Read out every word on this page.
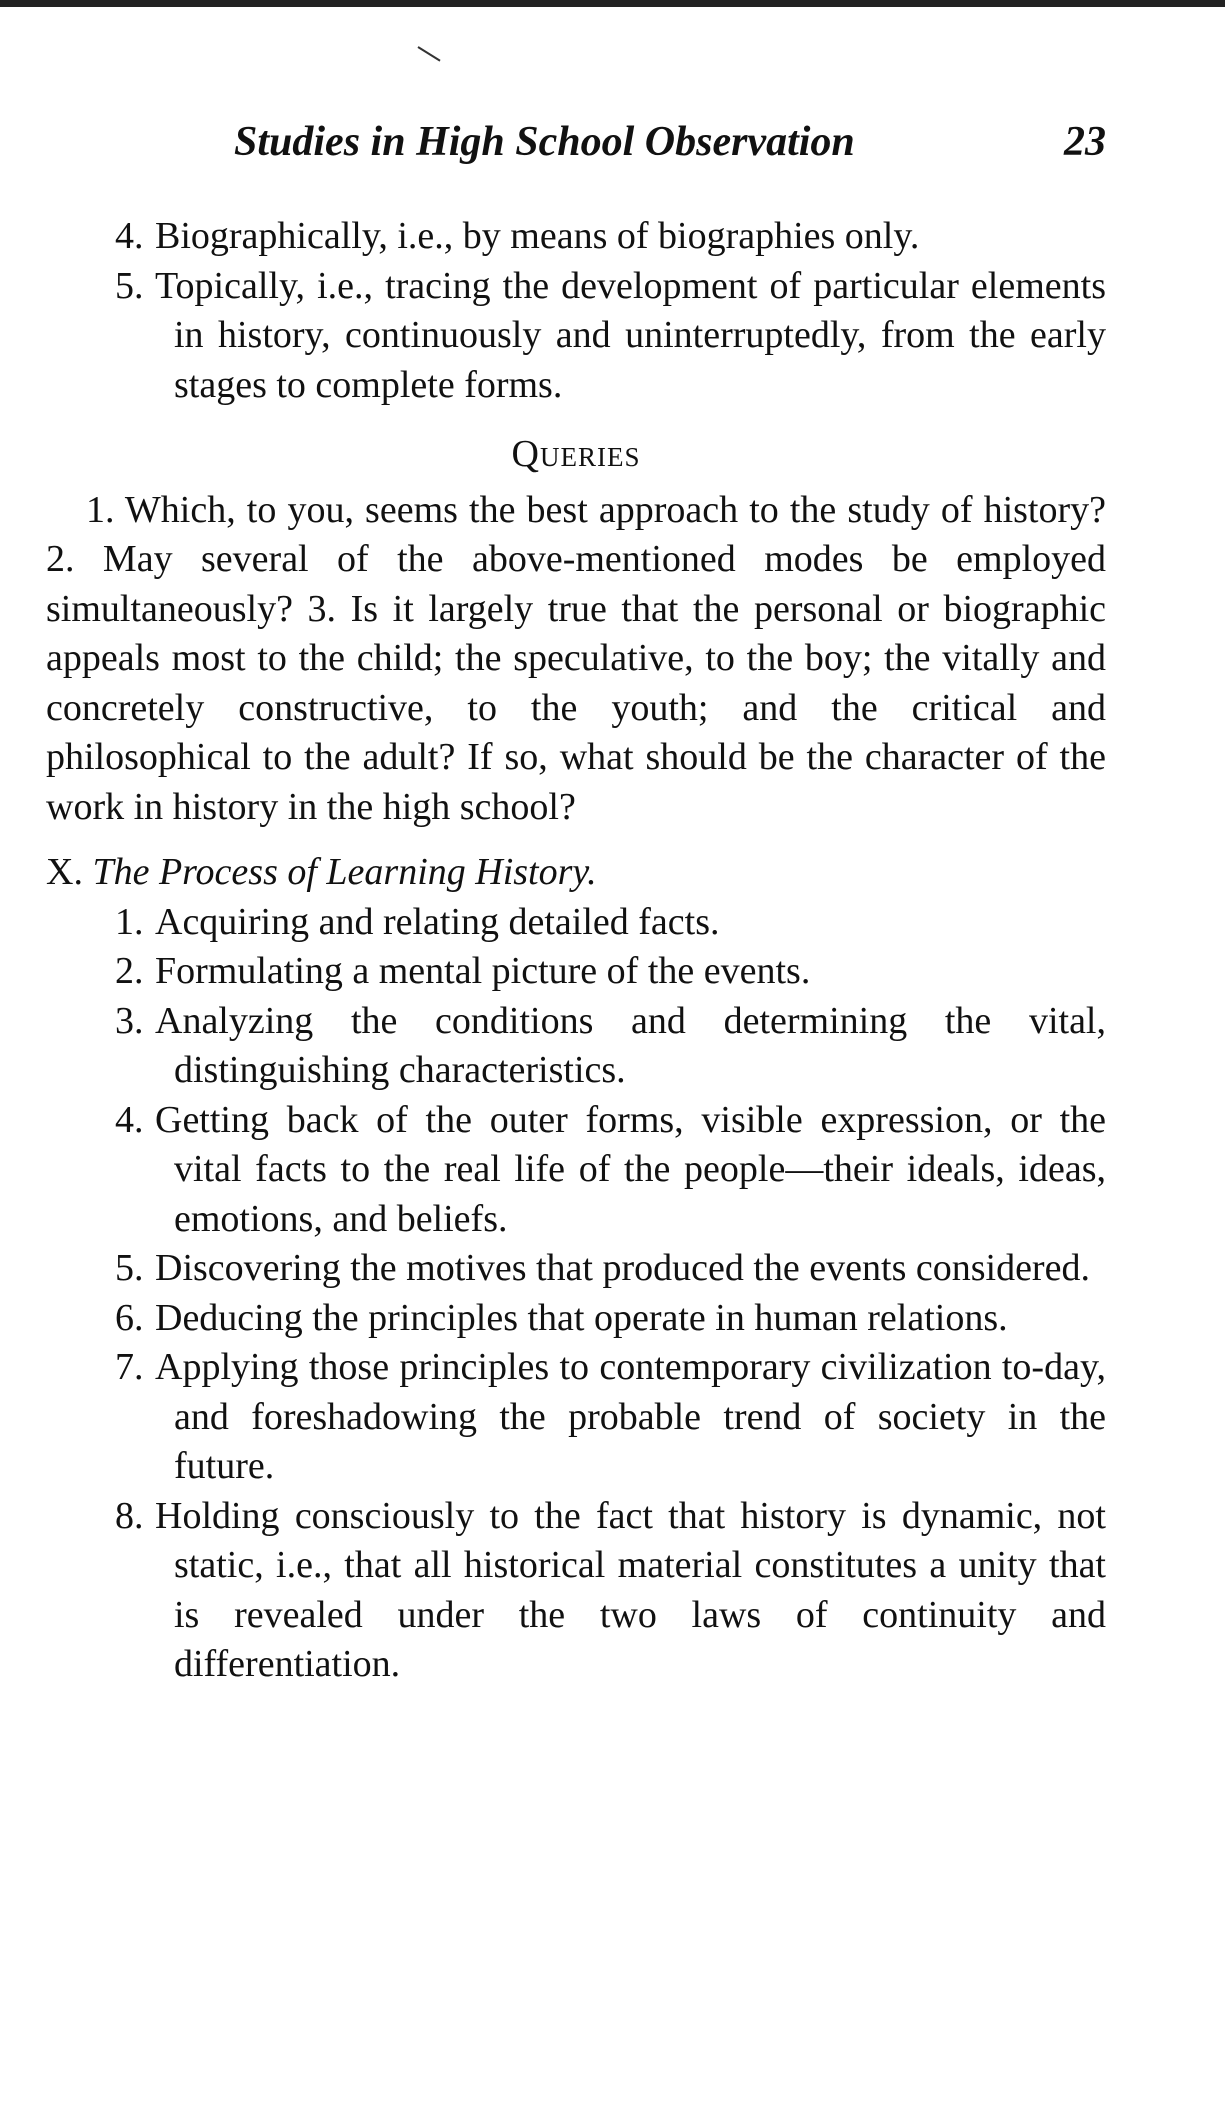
Studies in High School Observation	23

4. Biographically, i.e., by means of biographies only.

5. Topically, i.e., tracing the development of particular elements in history, continuously and uninterruptedly, from the early stages to complete forms.

Queries

1. Which, to you, seems the best approach to the study of history? 2. May several of the above-mentioned modes be employed simultaneously? 3. Is it largely true that the personal or biographic appeals most to the child; the speculative, to the boy; the vitally and concretely constructive, to the youth; and the critical and philosophical to the adult? If so, what should be the character of the work in history in the high school?

X. The Process of Learning History.

1. Acquiring and relating detailed facts.

2. Formulating a mental picture of the events.

3. Analyzing the conditions and determining the vital, distinguishing characteristics.

4. Getting back of the outer forms, visible expression, or the vital facts to the real life of the people—their ideals, ideas, emotions, and beliefs.

5. Discovering the motives that produced the events considered.

6. Deducing the principles that operate in human relations.

7. Applying those principles to contemporary civilization to-day, and foreshadowing the probable trend of society in the future.

8. Holding consciously to the fact that history is dynamic, not static, i.e., that all historical material constitutes a unity that is revealed under the two laws of continuity and differentiation.
